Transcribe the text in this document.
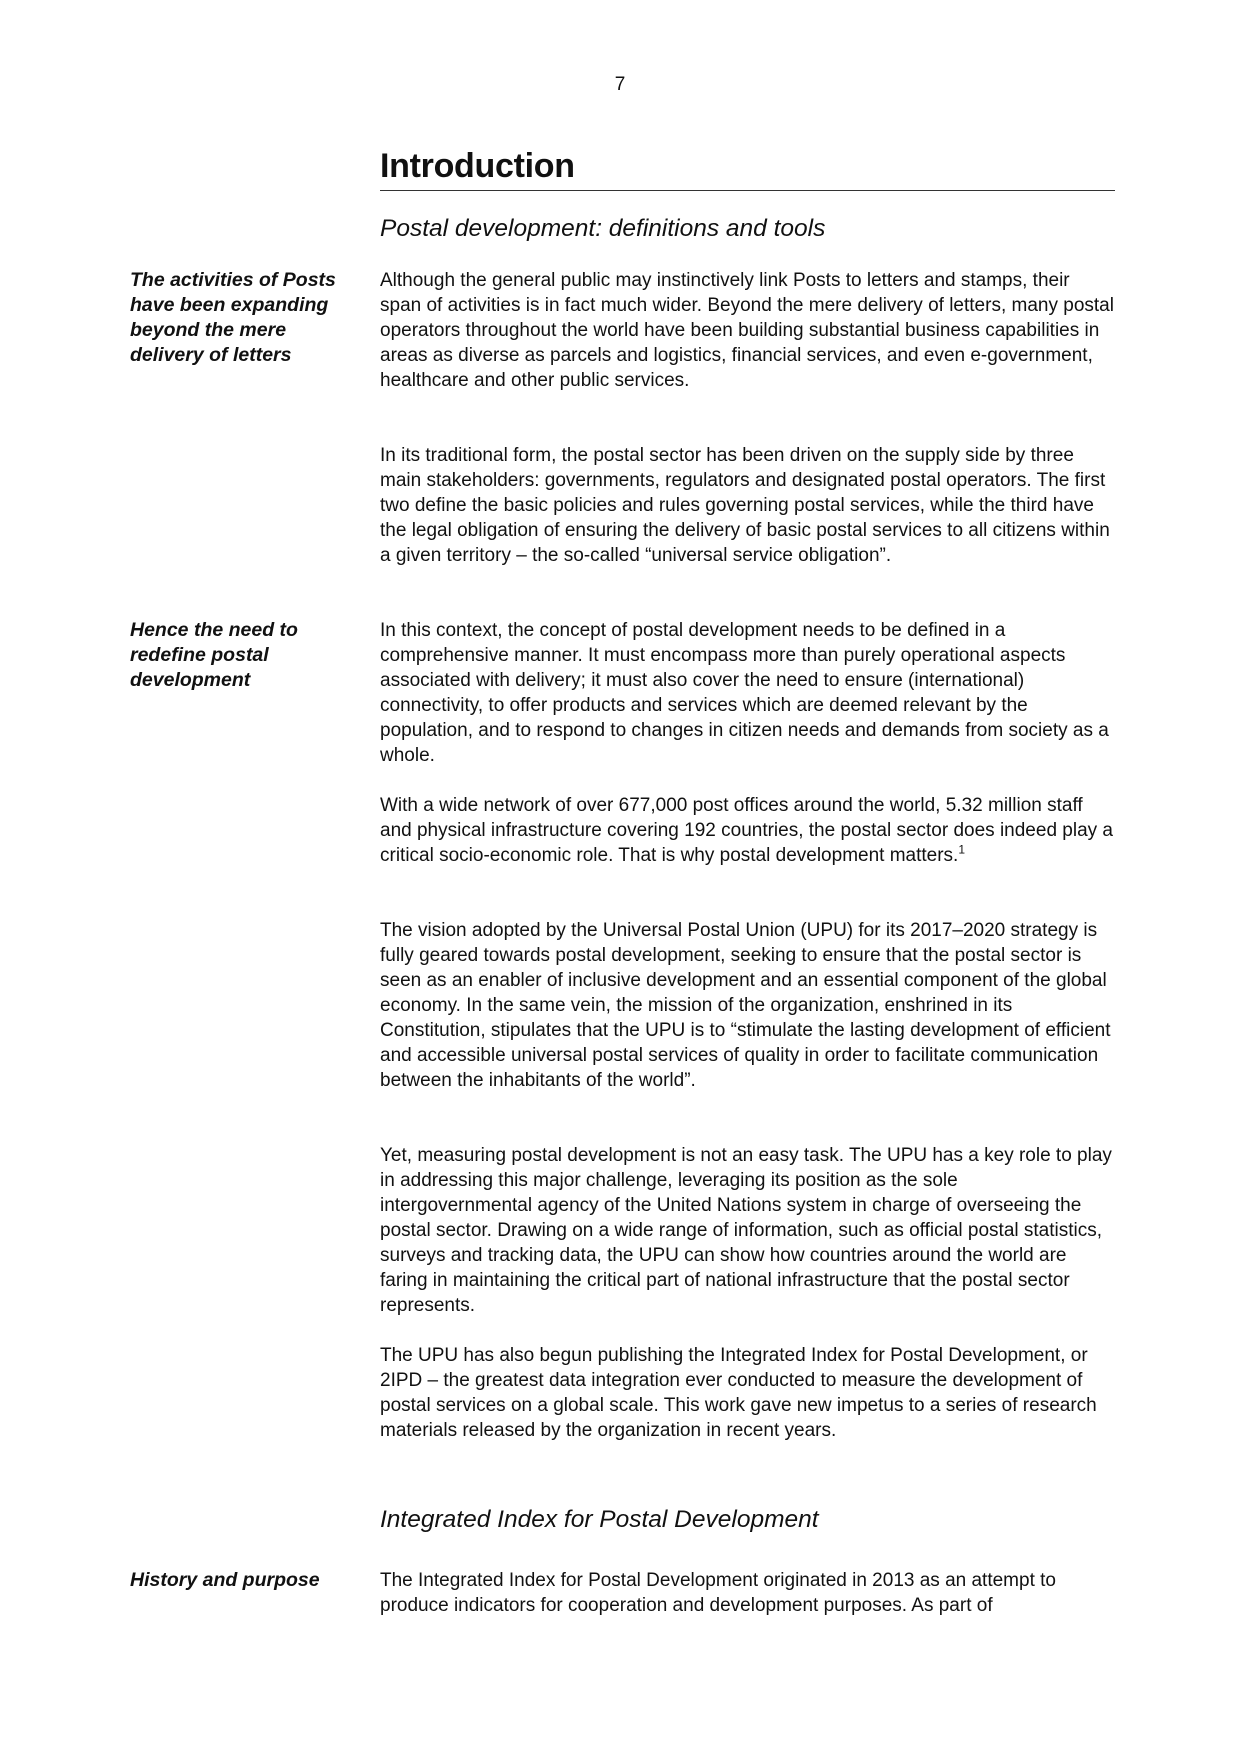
7
Introduction
Postal development: definitions and tools

The activities of Posts have been expanding beyond the mere delivery of letters

Although the general public may instinctively link Posts to letters and stamps, their span of activities is in fact much wider. Beyond the mere delivery of letters, many postal operators throughout the world have been building substantial business capabilities in areas as diverse as parcels and logistics, financial services, and even e-government, healthcare and other public services.

In its traditional form, the postal sector has been driven on the supply side by three main stakeholders: governments, regulators and designated postal operators. The first two define the basic policies and rules governing postal services, while the third have the legal obligation of ensuring the delivery of basic postal services to all citizens within a given territory – the so-called “universal service obligation”.

Hence the need to redefine postal development

In this context, the concept of postal development needs to be defined in a comprehensive manner. It must encompass more than purely operational aspects associated with delivery; it must also cover the need to ensure (international) connectivity, to offer products and services which are deemed relevant by the population, and to respond to changes in citizen needs and demands from society as a whole.

With a wide network of over 677,000 post offices around the world, 5.32 million staff and physical infrastructure covering 192 countries, the postal sector does indeed play a critical socio-economic role. That is why postal development matters.$^1$

The vision adopted by the Universal Postal Union (UPU) for its 2017–2020 strategy is fully geared towards postal development, seeking to ensure that the postal sector is seen as an enabler of inclusive development and an essential component of the global economy. In the same vein, the mission of the organization, enshrined in its Constitution, stipulates that the UPU is to “stimulate the lasting development of efficient and accessible universal postal services of quality in order to facilitate communication between the inhabitants of the world”.

Yet, measuring postal development is not an easy task. The UPU has a key role to play in addressing this major challenge, leveraging its position as the sole intergovernmental agency of the United Nations system in charge of overseeing the postal sector. Drawing on a wide range of information, such as official postal statistics, surveys and tracking data, the UPU can show how countries around the world are faring in maintaining the critical part of national infrastructure that the postal sector represents.

The UPU has also begun publishing the Integrated Index for Postal Development, or 2IPD – the greatest data integration ever conducted to measure the development of postal services on a global scale. This work gave new impetus to a series of research materials released by the organization in recent years.

Integrated Index for Postal Development

History and purpose	The Integrated Index for Postal Development originated in 2013 as an attempt to produce indicators for cooperation and development purposes. As part of
